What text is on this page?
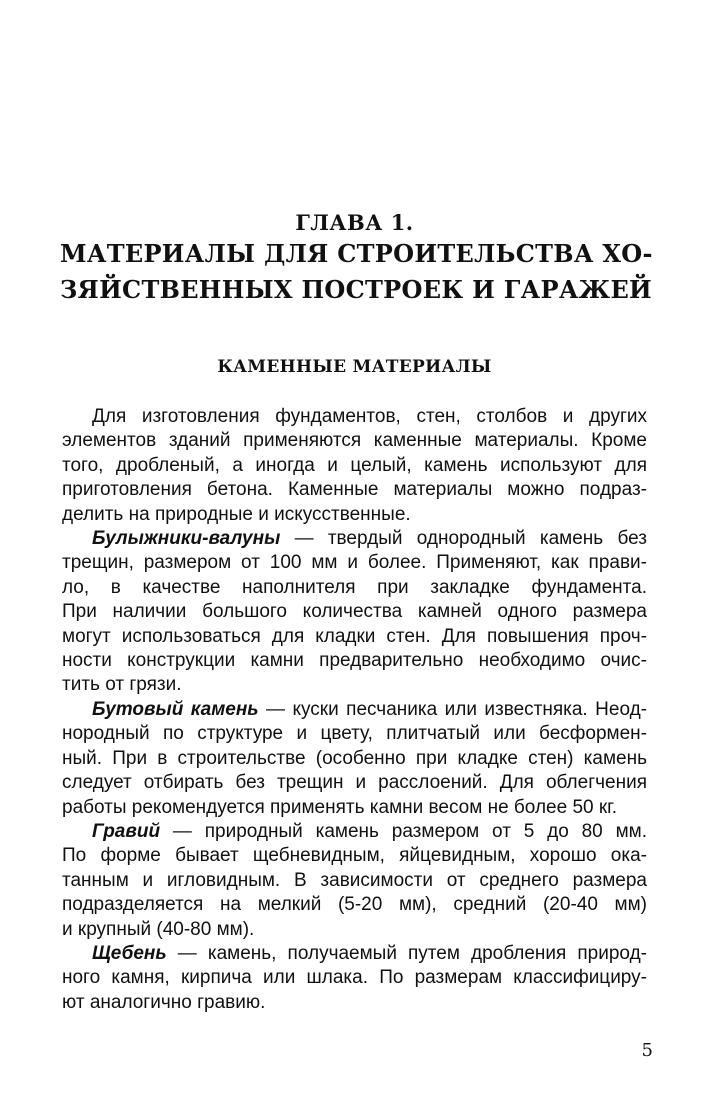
ГЛАВА 1.
МАТЕРИАЛЫ ДЛЯ СТРОИТЕЛЬСТВА ХО-
ЗЯЙСТВЕННЫХ ПОСТРОЕК И ГАРАЖЕЙ
КАМЕННЫЕ МАТЕРИАЛЫ
Для изготовления фундаментов, стен, столбов и других
элементов зданий применяются каменные материалы. Кроме
того, дробленый, а иногда и целый, камень используют для
приготовления бетона. Каменные материалы можно подраз-
делить на природные и искусственные.
Булыжники-валуны — твердый однородный камень без
трещин, размером от 100 мм и более. Применяют, как прави-
ло, в качестве наполнителя при закладке фундамента.
При наличии большого количества камней одного размера
могут использоваться для кладки стен. Для повышения проч-
ности конструкции камни предварительно необходимо очис-
тить от грязи.
Бутовый камень — куски песчаника или известняка. Неод-
нородный по структуре и цвету, плитчатый или бесформен-
ный. При в строительстве (особенно при кладке стен) камень
следует отбирать без трещин и расслоений. Для облегчения
работы рекомендуется применять камни весом не более 50 кг.
Гравий — природный камень размером от 5 до 80 мм.
По форме бывает щебневидным, яйцевидным, хорошо ока-
танным и игловидным. В зависимости от среднего размера
подразделяется на мелкий (5-20 мм), средний (20-40 мм)
и крупный (40-80 мм).
Щебень — камень, получаемый путем дробления природ-
ного камня, кирпича или шлака. По размерам классифициру-
ют аналогично гравию.
5
